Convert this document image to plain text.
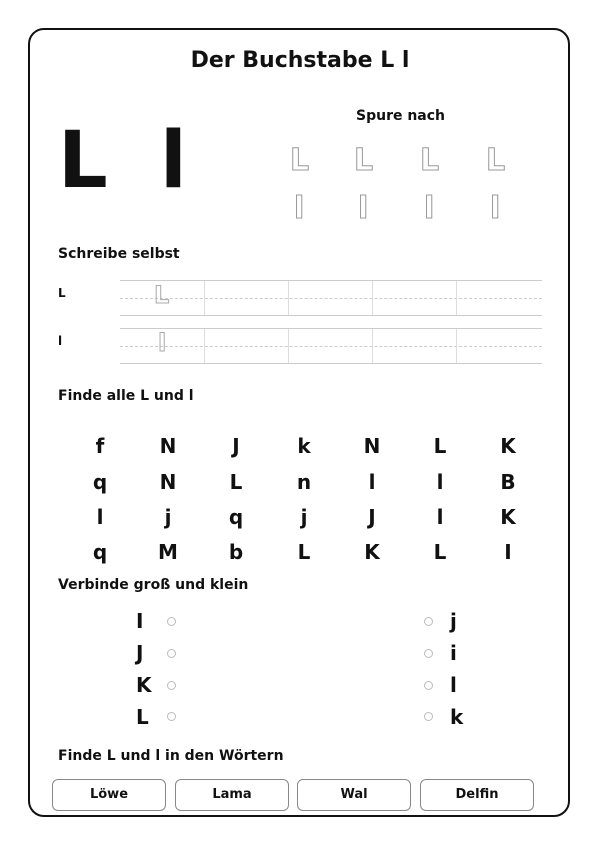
Der Buchstabe L l
L l	Spure nach
L L L L
l l l l
Schreibe selbst
L	L
l	l
Finde alle L und l
f	N	J	k	N	L	K
q	N	L	n	l	l	B
l	j	q	j	J	l	K
q	M	b	L	K	L	I
Verbinde groß und klein
I
J
K
L
j
i
l
k
Finde L und l in den Wörtern
Löwe	Lama	Wal	Delfin
